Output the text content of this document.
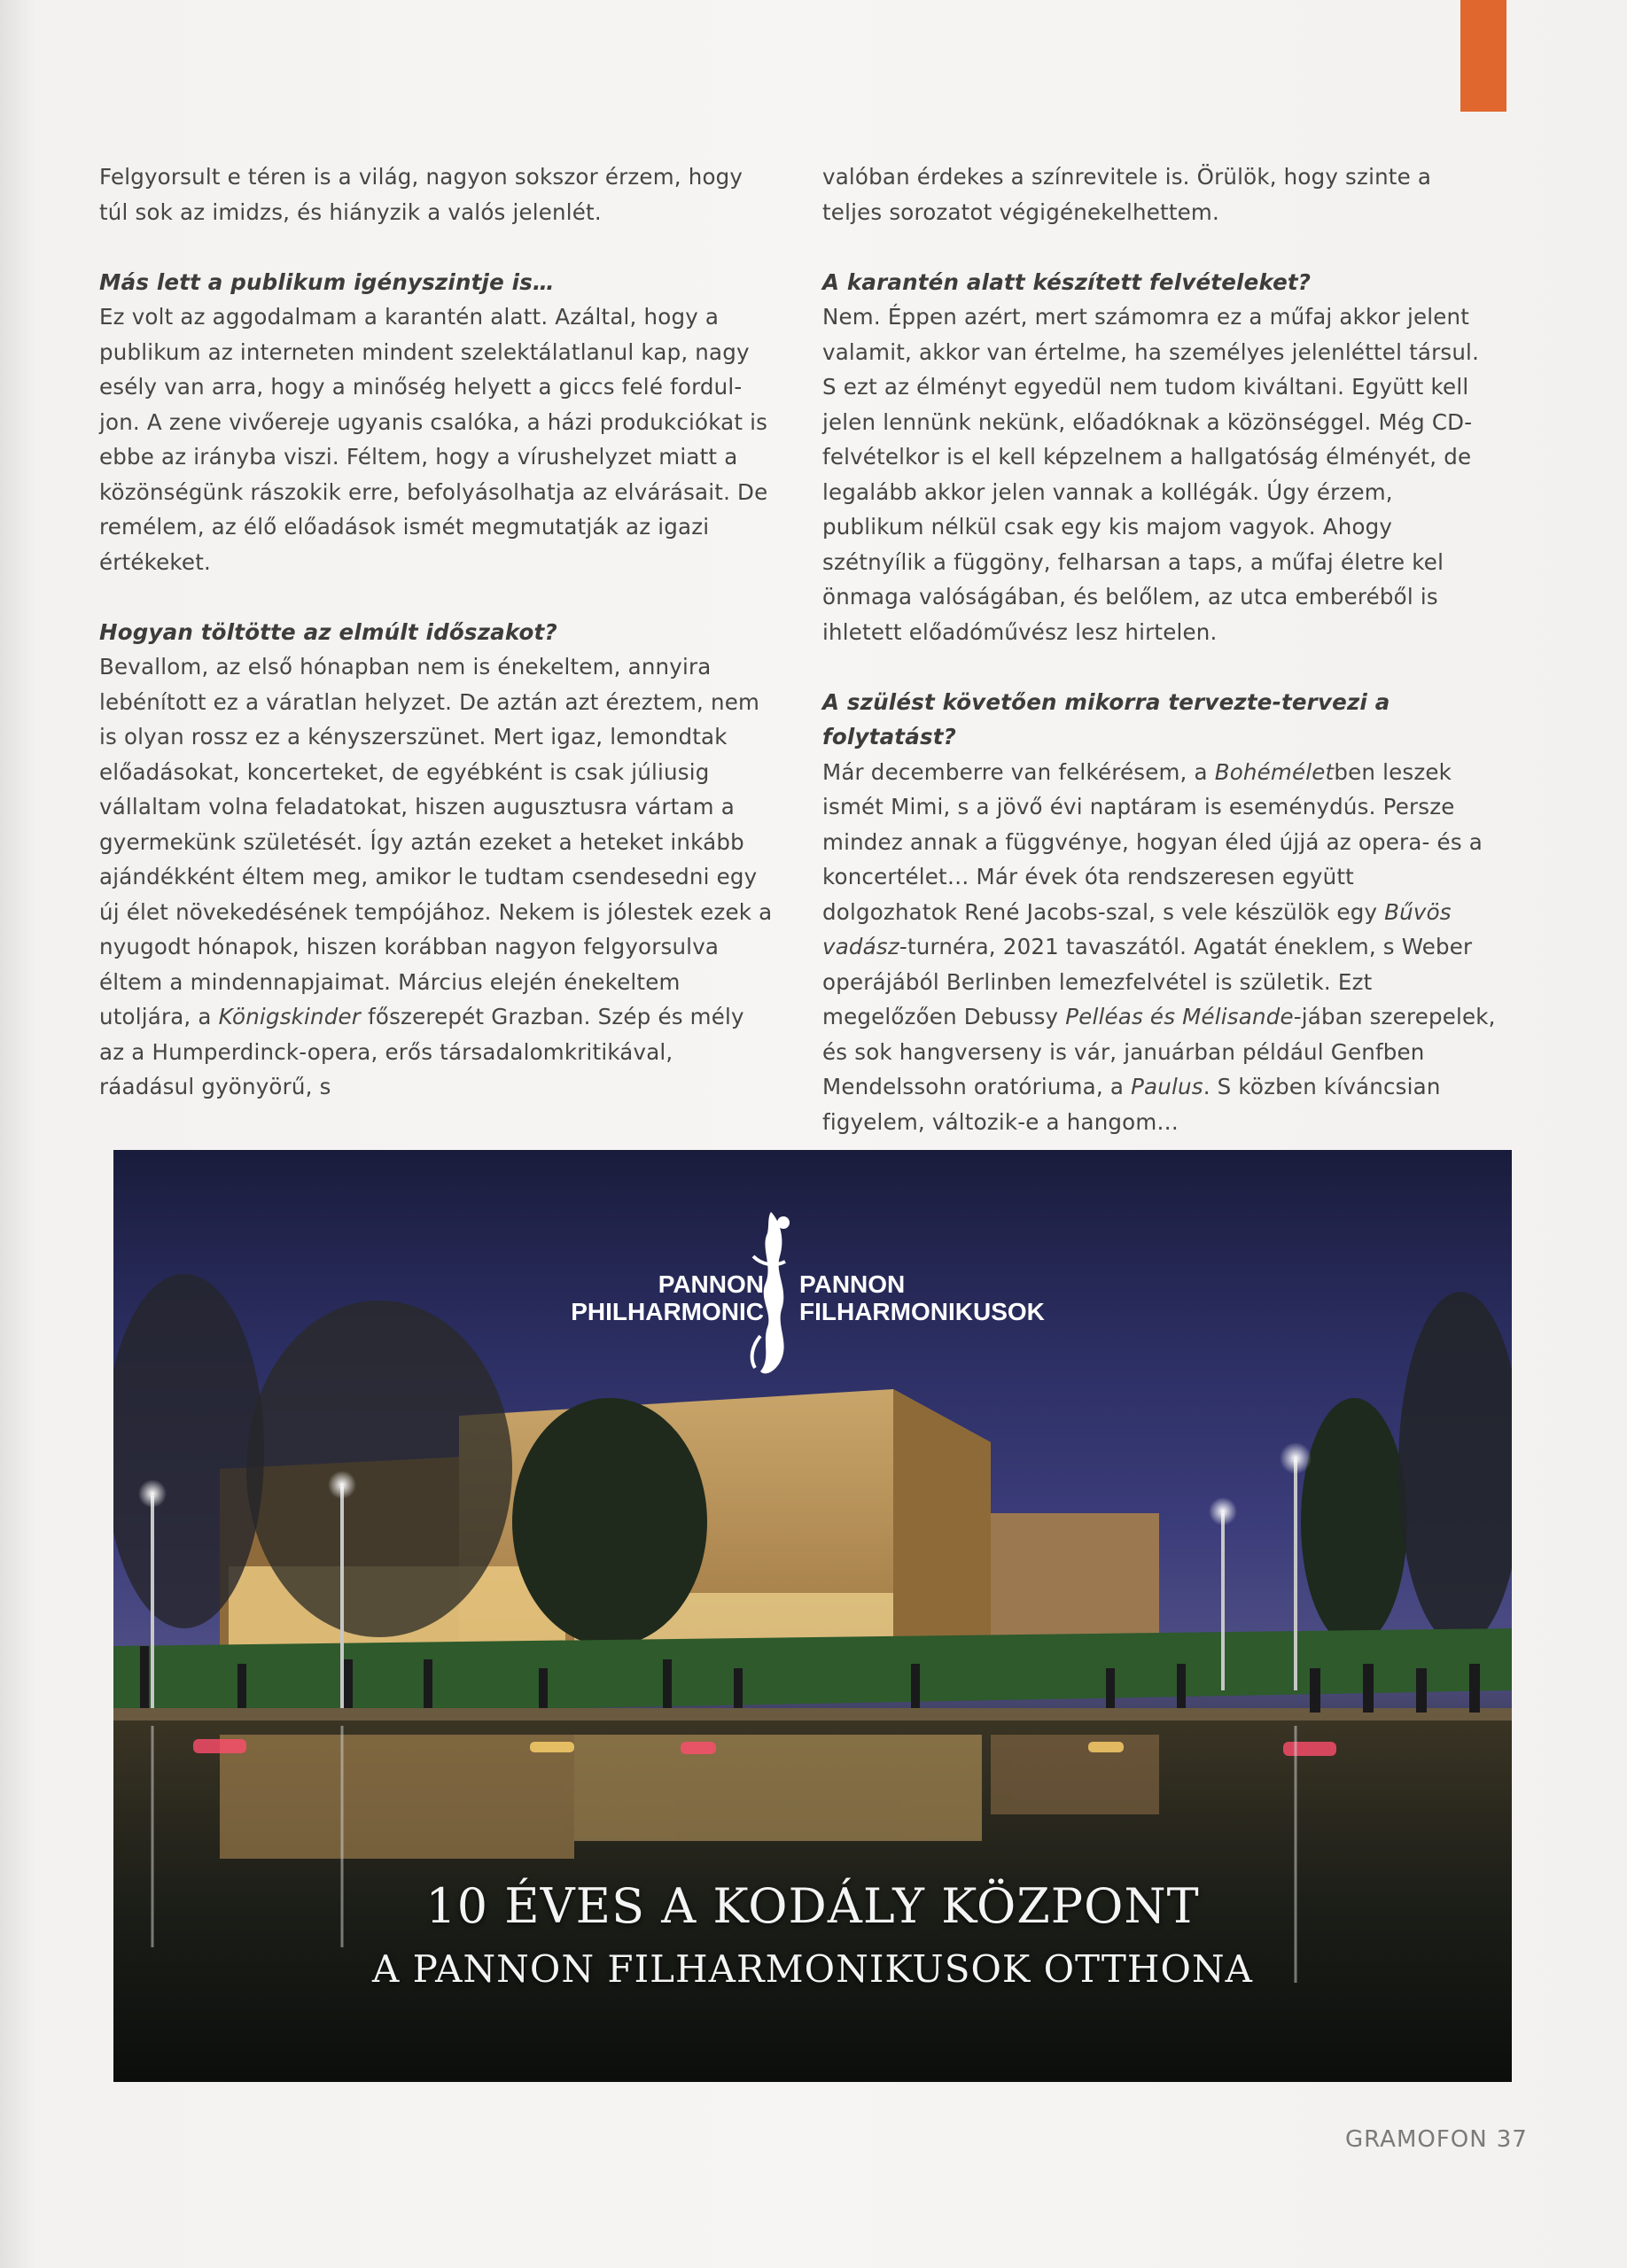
Felgyorsult e téren is a világ, nagyon sokszor érzem, hogy túl sok az imidzs, és hiányzik a valós jelenlét.

Más lett a publikum igényszintje is…

Ez volt az aggodalmam a karantén alatt. Azáltal, hogy a publikum az interneten mindent szelektálatlanul kap, nagy esély van arra, hogy a minőség helyett a giccs felé fordul-jon. A zene vivőereje ugyanis csalóka, a házi produkciókat is ebbe az irányba viszi. Féltem, hogy a vírushelyzet miatt a közönségünk rászokik erre, befolyásolhatja az elvárásait. De remélem, az élő előadások ismét megmutatják az igazi értékeket.

Hogyan töltötte az elmúlt időszakot?

Bevallom, az első hónapban nem is énekeltem, annyira lebénított ez a váratlan helyzet. De aztán azt éreztem, nem is olyan rossz ez a kényszerszünet. Mert igaz, lemondtak előadásokat, koncerteket, de egyébként is csak júliusig vállaltam volna feladatokat, hiszen augusztusra vártam a gyermekünk születését. Így aztán ezeket a heteket inkább ajándékként éltem meg, amikor le tudtam csendesedni egy új élet növekedésének tempójához. Nekem is jólestek ezek a nyugodt hónapok, hiszen korábban nagyon felgyorsulva éltem a mindennapjaimat. Március elején énekeltem utoljára, a Königskinder főszerepét Grazban. Szép és mély az a Humperdinck-opera, erős társadalomkritikával, ráadásul gyönyörű, s

valóban érdekes a színrevitele is. Örülök, hogy szinte a teljes sorozatot végigénekelhettem.

A karantén alatt készített felvételeket?

Nem. Éppen azért, mert számomra ez a műfaj akkor jelent valamit, akkor van értelme, ha személyes jelenléttel társul. S ezt az élményt egyedül nem tudom kiváltani. Együtt kell jelen lennünk nekünk, előadóknak a közönséggel. Még CD-felvételkor is el kell képzelnem a hallgatóság élményét, de legalább akkor jelen vannak a kollégák. Úgy érzem, publikum nélkül csak egy kis majom vagyok. Ahogy szétnyílik a függöny, felharsan a taps, a műfaj életre kel önmaga valóságában, és belőlem, az utca emberéből is ihletett előadóművész lesz hirtelen.

A szülést követően mikorra tervezte-tervezi a folytatást?

Már decemberre van felkérésem, a Bohéméletben leszek ismét Mimi, s a jövő évi naptáram is eseménydús. Persze mindez annak a függvénye, hogyan éled újjá az opera- és a koncertélet… Már évek óta rendszeresen együtt dolgozhatok René Jacobs-szal, s vele készülök egy Bűvös vadász-turnéra, 2021 tavaszától. Agatát éneklem, s Weber operájából Berlinben lemezfelvétel is születik. Ezt megelőzően Debussy Pelléas és Mélisande-jában szerepelek, és sok hangverseny is vár, januárban például Genfben Mendelssohn oratóriuma, a Paulus. S közben kíváncsian figyelem, változik-e a hangom…

PANNON
PHILHARMONIC
PANNON
FILHARMONIKUSOK
10 ÉVES A KODÁLY KÖZPONT
A PANNON FILHARMONIKUSOK OTTHONA
GRAMOFON 37
